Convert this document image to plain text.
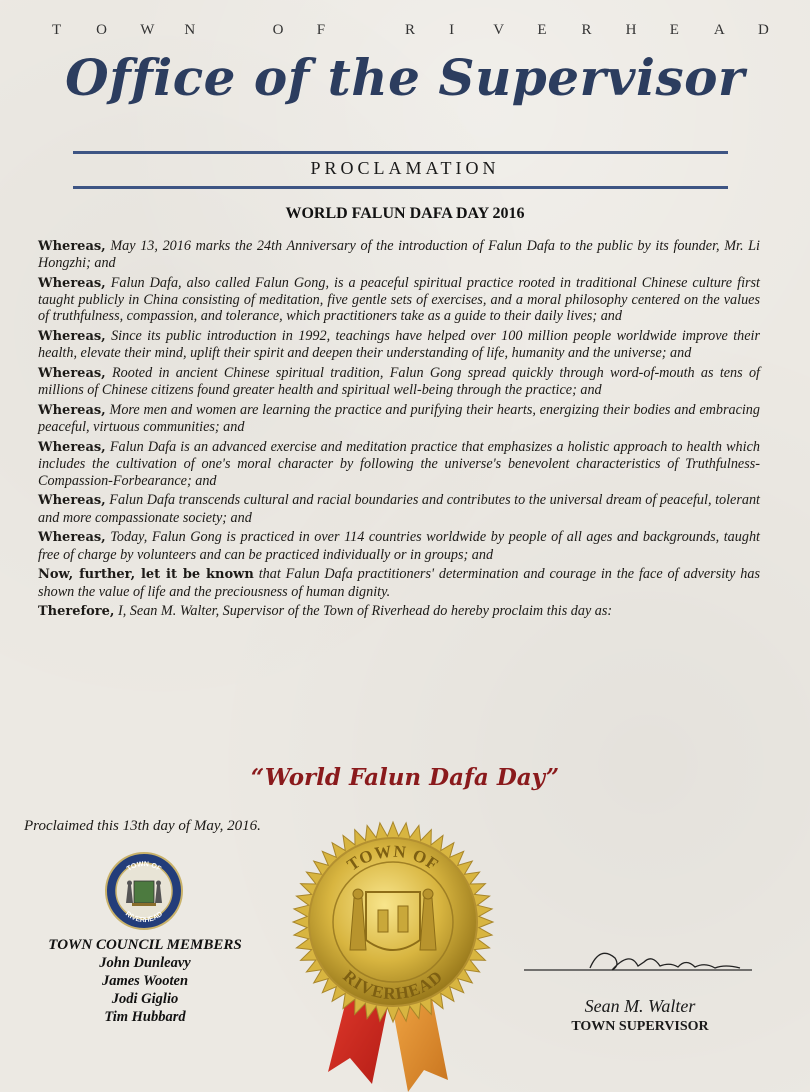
T O W N	O F	R I	V E R H E A D
Office of the Supervisor
PROCLAMATION
WORLD FALUN DAFA DAY 2016

Whereas, May 13, 2016 marks the 24th Anniversary of the introduction of Falun Dafa to the public by its founder, Mr. Li Hongzhi; and

Whereas, Falun Dafa, also called Falun Gong, is a peaceful spiritual practice rooted in traditional Chinese culture first taught publicly in China consisting of meditation, five gentle sets of exercises, and a moral philosophy centered on the values of truthfulness, compassion, and tolerance, which practitioners take as a guide to their daily lives; and

Whereas, Since its public introduction in 1992, teachings have helped over 100 million people worldwide improve their health, elevate their mind, uplift their spirit and deepen their understanding of life, humanity and the universe; and

Whereas, Rooted in ancient Chinese spiritual tradition, Falun Gong spread quickly through word-of-mouth as tens of millions of Chinese citizens found greater health and spiritual well-being through the practice; and

Whereas, More men and women are learning the practice and purifying their hearts, energizing their bodies and embracing peaceful, virtuous communities; and

Whereas, Falun Dafa is an advanced exercise and meditation practice that emphasizes a holistic approach to health which includes the cultivation of one's moral character by following the universe's benevolent characteristics of Truthfulness-Compassion-Forbearance; and

Whereas, Falun Dafa transcends cultural and racial boundaries and contributes to the universal dream of peaceful, tolerant and more compassionate society; and

Whereas, Today, Falun Gong is practiced in over 114 countries worldwide by people of all ages and backgrounds, taught free of charge by volunteers and can be practiced individually or in groups; and

Now, further, let it be known that Falun Dafa practitioners' determination and courage in the face of adversity has shown the value of life and the preciousness of human dignity.

Therefore, I, Sean M. Walter, Supervisor of the Town of Riverhead do hereby proclaim this day as:

“World Falun Dafa Day”
Proclaimed this 13th day of May, 2016.
TOWN OF
RIVERHEAD
TOWN COUNCIL MEMBERS
John Dunleavy
James Wooten
Jodi Giglio
Tim Hubbard
TOWN OF
RIVERHEAD
Sean M. Walter
TOWN SUPERVISOR
